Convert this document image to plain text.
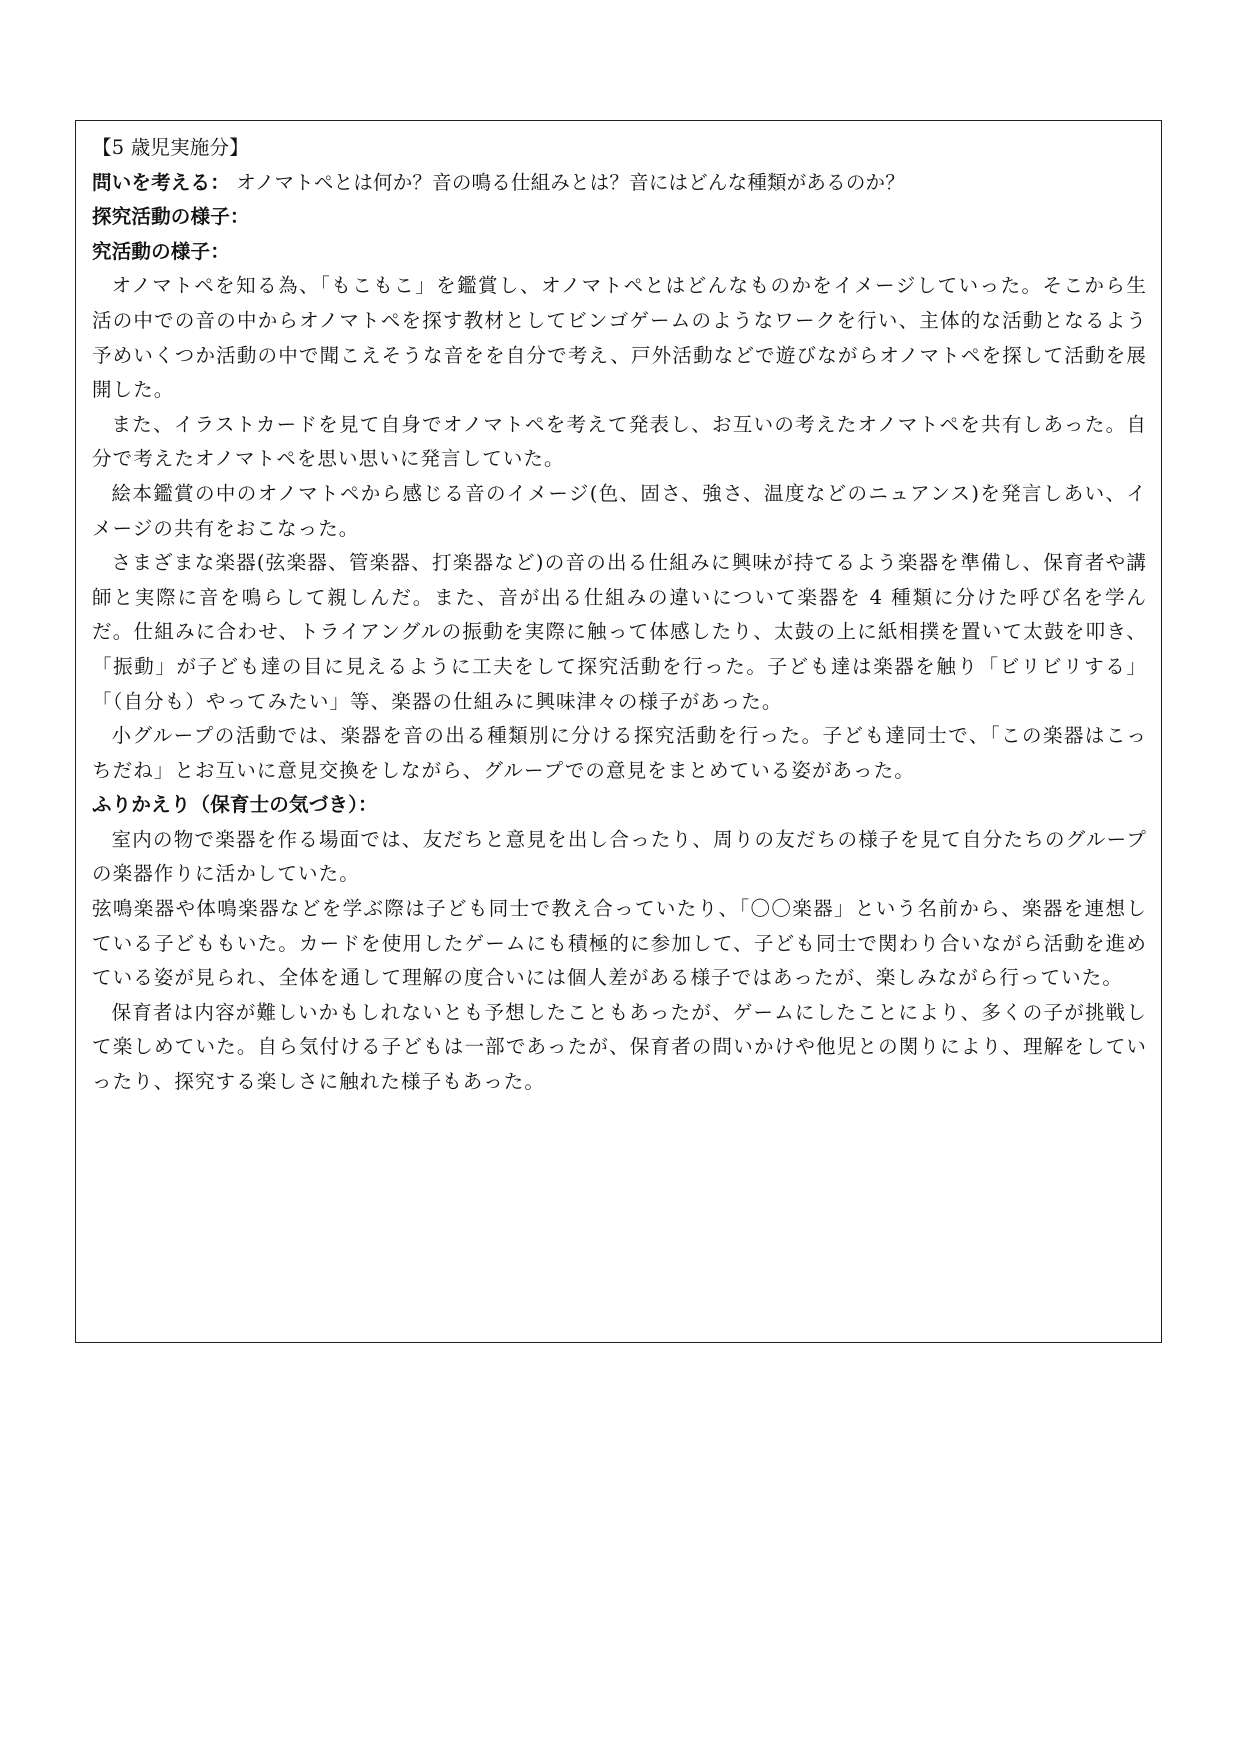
【5 歳児実施分】
問いを考える： オノマトペとは何か？音の鳴る仕組みとは？音にはどんな種類があるのか？
探究活動の様子：
究活動の様子：

オノマトペを知る為、「もこもこ」を鑑賞し、オノマトペとはどんなものかをイメージしていった。そこから生活の中での音の中からオノマトペを探す教材としてビンゴゲームのようなワークを行い、主体的な活動となるよう予めいくつか活動の中で聞こえそうな音をを自分で考え、戸外活動などで遊びながらオノマトペを探して活動を展開した。

また、イラストカードを見て自身でオノマトペを考えて発表し、お互いの考えたオノマトペを共有しあった。自分で考えたオノマトペを思い思いに発言していた。

絵本鑑賞の中のオノマトペから感じる音のイメージ(色、固さ、強さ、温度などのニュアンス)を発言しあい、イメージの共有をおこなった。

さまざまな楽器(弦楽器、管楽器、打楽器など)の音の出る仕組みに興味が持てるよう楽器を準備し、保育者や講師と実際に音を鳴らして親しんだ。また、音が出る仕組みの違いについて楽器を 4 種類に分けた呼び名を学んだ。仕組みに合わせ、トライアングルの振動を実際に触って体感したり、太鼓の上に紙相撲を置いて太鼓を叩き、「振動」が子ども達の目に見えるように工夫をして探究活動を行った。子ども達は楽器を触り「ビリビリする」「（自分も）やってみたい」等、楽器の仕組みに興味津々の様子があった。

小グループの活動では、楽器を音の出る種類別に分ける探究活動を行った。子ども達同士で、「この楽器はこっちだね」とお互いに意見交換をしながら、グループでの意見をまとめている姿があった。

ふりかえり（保育士の気づき）：

室内の物で楽器を作る場面では、友だちと意見を出し合ったり、周りの友だちの様子を見て自分たちのグループの楽器作りに活かしていた。

弦鳴楽器や体鳴楽器などを学ぶ際は子ども同士で教え合っていたり、「〇〇楽器」という名前から、楽器を連想している子どももいた。カードを使用したゲームにも積極的に参加して、子ども同士で関わり合いながら活動を進めている姿が見られ、全体を通して理解の度合いには個人差がある様子ではあったが、楽しみながら行っていた。

保育者は内容が難しいかもしれないとも予想したこともあったが、ゲームにしたことにより、多くの子が挑戦して楽しめていた。自ら気付ける子どもは一部であったが、保育者の問いかけや他児との関りにより、理解をしていったり、探究する楽しさに触れた様子もあった。
